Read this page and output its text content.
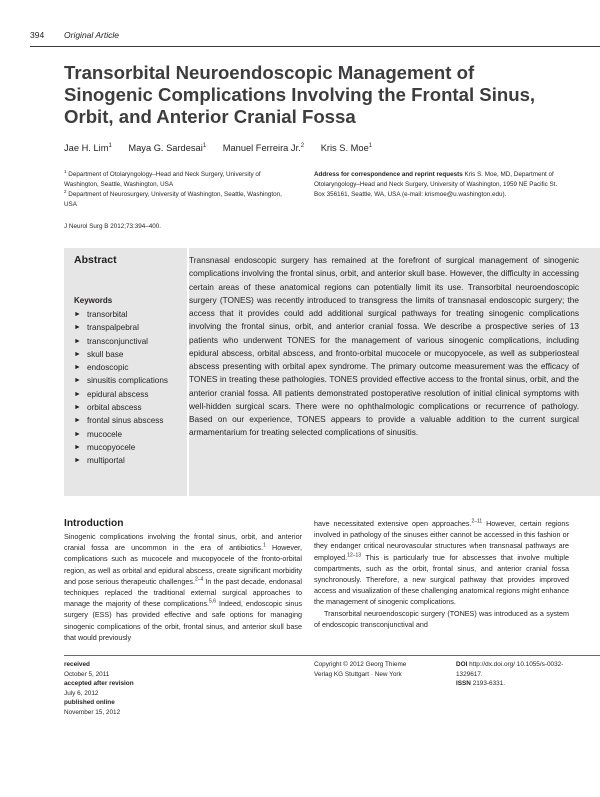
394 Original Article
Transorbital Neuroendoscopic Management of Sinogenic Complications Involving the Frontal Sinus, Orbit, and Anterior Cranial Fossa
Jae H. Lim$^1$ Maya G. Sardesai$^1$ Manuel Ferreira Jr.$^2$ Kris S. Moe$^1$
$^1$ Department of Otolaryngology–Head and Neck Surgery, University of Washington, Seattle, Washington, USA
$^2$ Department of Neurosurgery, University of Washington, Seattle, Washington, USA
Address for correspondence and reprint requests Kris S. Moe, MD, Department of Otolaryngology–Head and Neck Surgery, University of Washington, 1959 NE Pacific St. Box 356161, Seattle, WA, USA (e-mail: krismoe@u.washington.edu).
J Neurol Surg B 2012;73:394–400.
Abstract
Keywords
► transorbital
► transpalpebral
► transconjunctival
► skull base
► endoscopic
► sinusitis complications
► epidural abscess
► orbital abscess
► frontal sinus abscess
► mucocele
► mucopyocele
► multiportal
Transnasal endoscopic surgery has remained at the forefront of surgical management of sinogenic complications involving the frontal sinus, orbit, and anterior skull base. However, the difficulty in accessing certain areas of these anatomical regions can potentially limit its use. Transorbital neuroendoscopic surgery (TONES) was recently introduced to transgress the limits of transnasal endoscopic surgery; the access that it provides could add additional surgical pathways for treating sinogenic complications involving the frontal sinus, orbit, and anterior cranial fossa. We describe a prospective series of 13 patients who underwent TONES for the management of various sinogenic complications, including epidural abscess, orbital abscess, and fronto-orbital mucocele or mucopyocele, as well as subperiosteal abscess presenting with orbital apex syndrome. The primary outcome measurement was the efficacy of TONES in treating these pathologies. TONES provided effective access to the frontal sinus, orbit, and the anterior cranial fossa. All patients demonstrated postoperative resolution of initial clinical symptoms with well-hidden surgical scars. There were no ophthalmologic complications or recurrence of pathology. Based on our experience, TONES appears to provide a valuable addition to the current surgical armamentarium for treating selected complications of sinusitis.
Introduction

Sinogenic complications involving the frontal sinus, orbit, and anterior cranial fossa are uncommon in the era of antibiotics.$^1$ However, complications such as mucocele and mucopyocele of the fronto-orbital region, as well as orbital and epidural abscess, create significant morbidity and pose serious therapeutic challenges.$^{2-4}$ In the past decade, endonasal techniques replaced the traditional external surgical approaches to manage the majority of these complications.$^{5,6}$ Indeed, endoscopic sinus surgery (ESS) has provided effective and safe options for managing sinogenic complications of the orbit, frontal sinus, and anterior skull base that would previously

have necessitated extensive open approaches.$^{2-11}$ However, certain regions involved in pathology of the sinuses either cannot be accessed in this fashion or they endanger critical neurovascular structures when transnasal pathways are employed.$^{12-13}$ This is particularly true for abscesses that involve multiple compartments, such as the orbit, frontal sinus, and anterior cranial fossa synchronously. Therefore, a new surgical pathway that provides improved access and visualization of these challenging anatomical regions might enhance the management of sinogenic complications.

Transorbital neuroendoscopic surgery (TONES) was introduced as a system of endoscopic transconjunctival and

received
October 5, 2011
accepted after revision
July 6, 2012
published online
November 15, 2012
Copyright © 2012 Georg Thieme
Verlag KG Stuttgart · New York
DOI http://dx.doi.org/ 10.1055/s-0032-1329617.
ISSN 2193-6331.
